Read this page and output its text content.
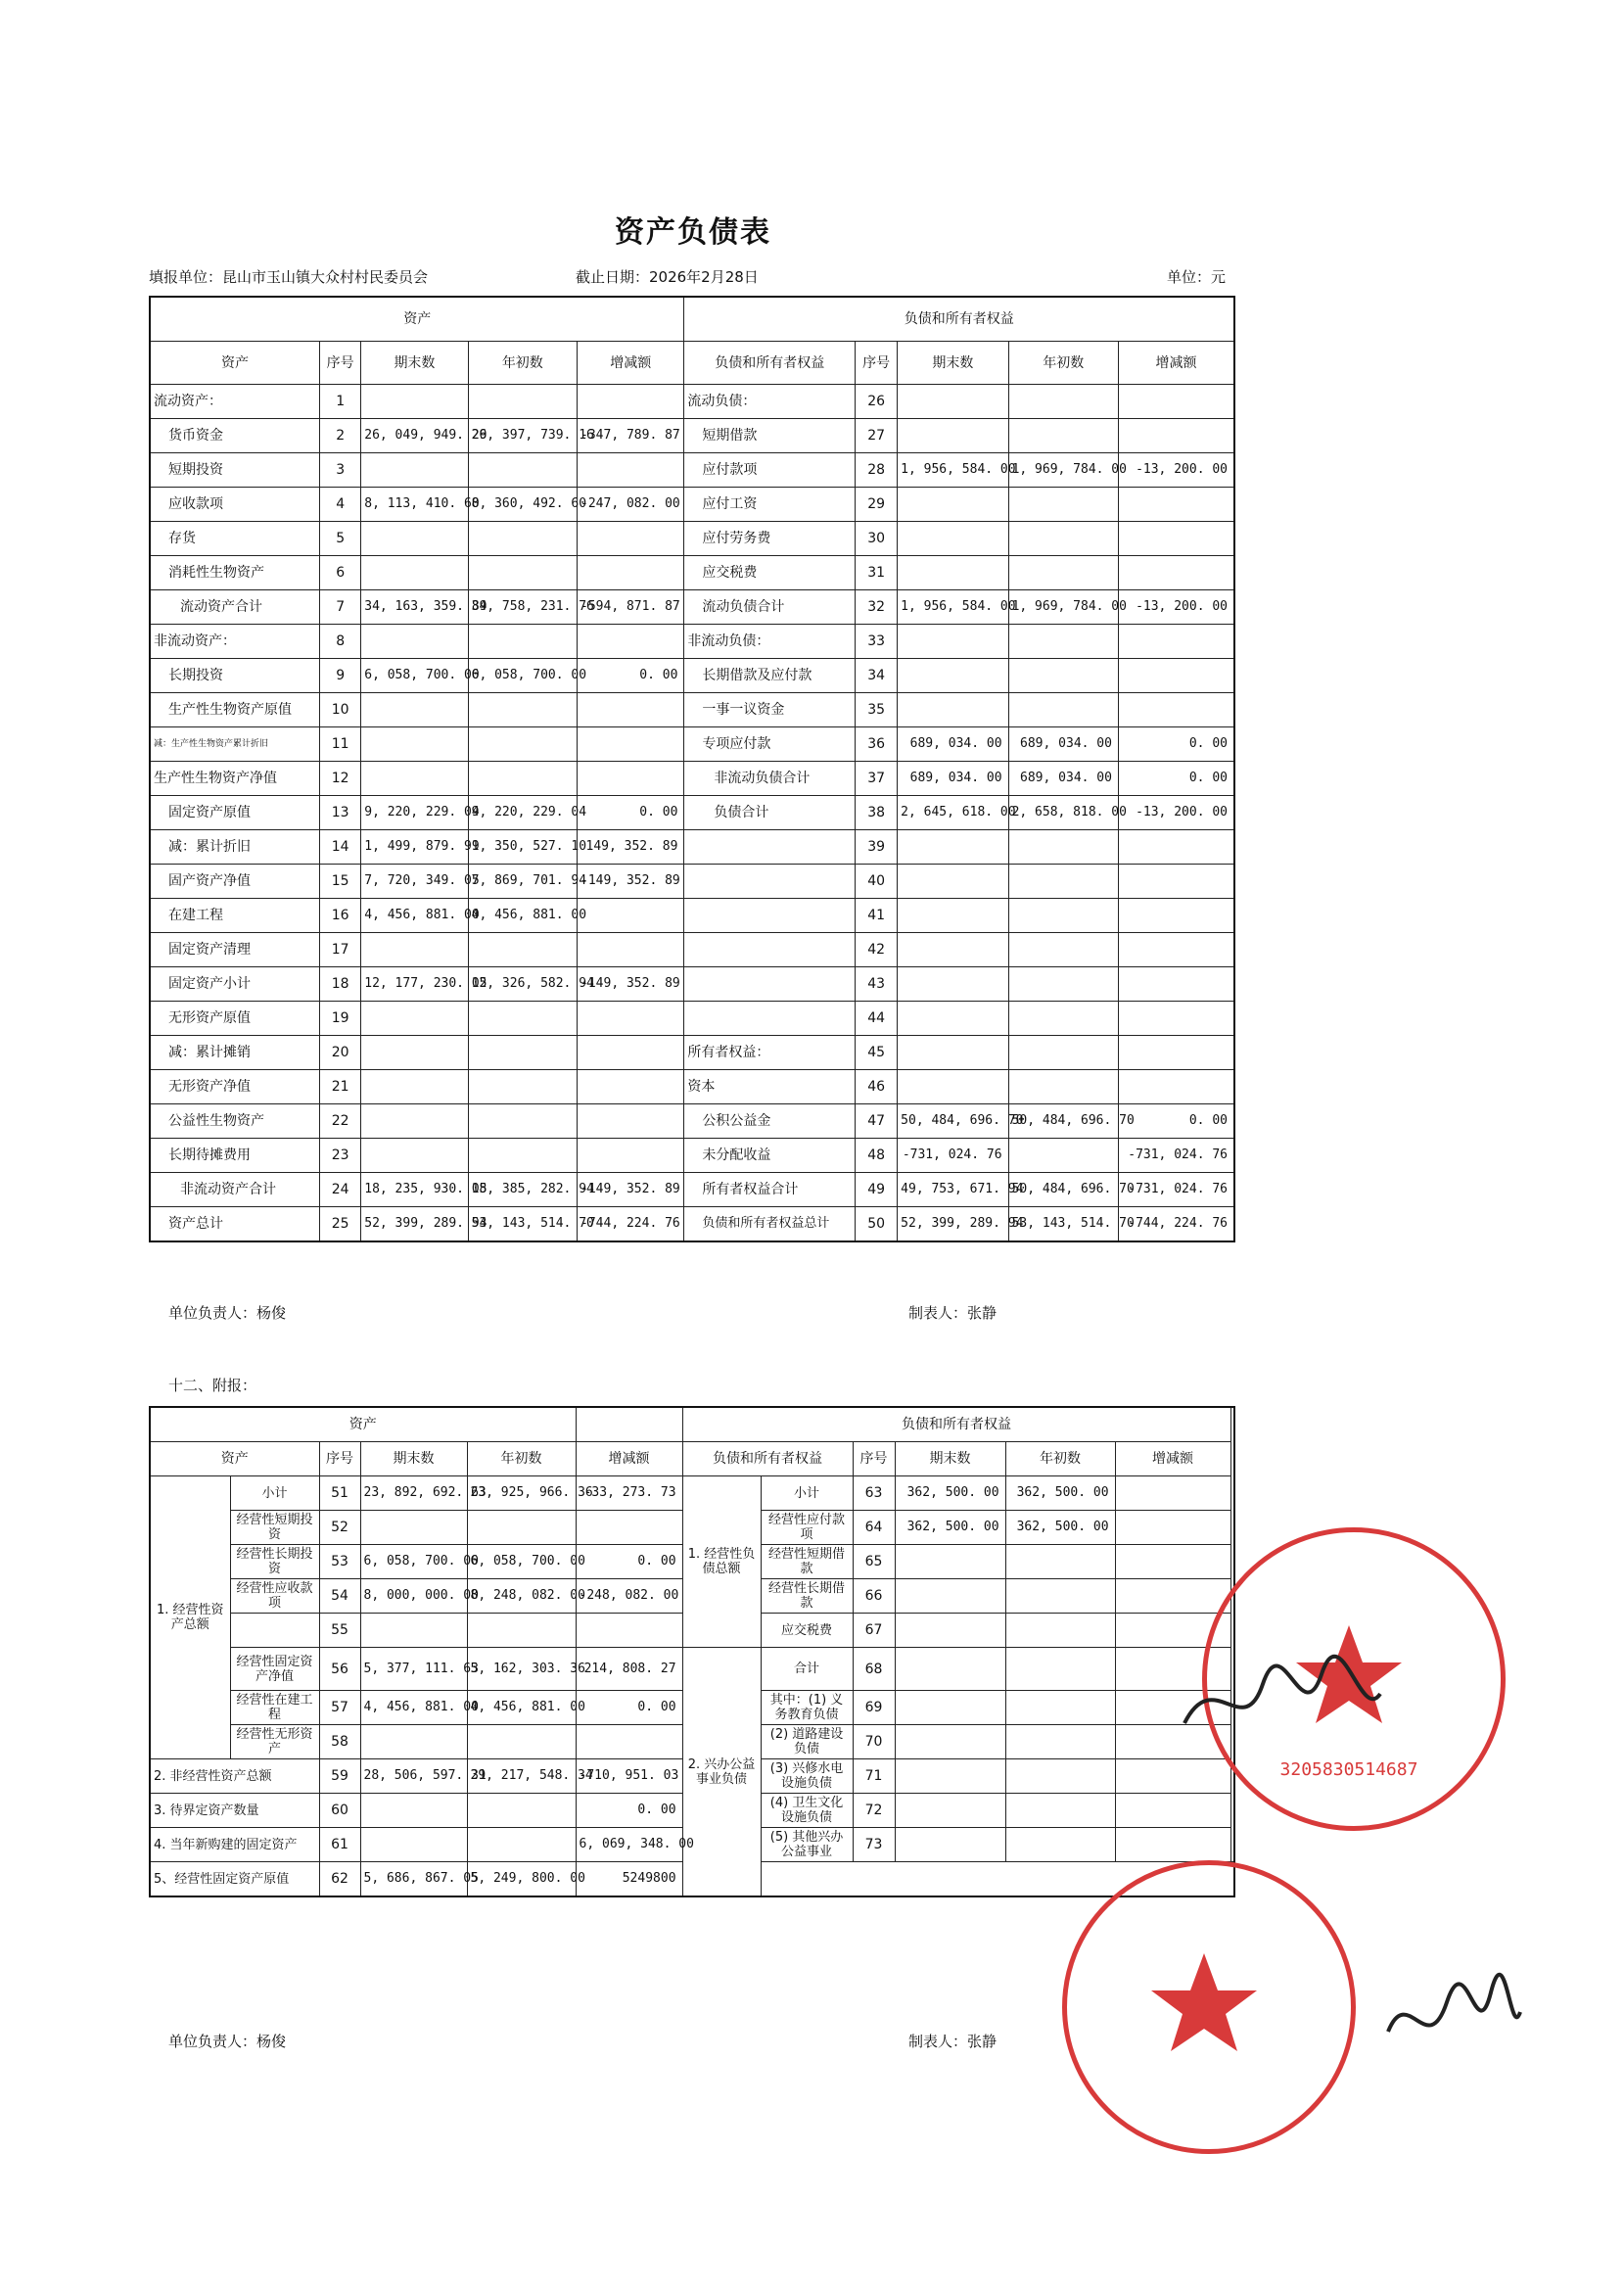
资产负债表
填报单位：昆山市玉山镇大众村村民委员会	截止日期：2026年2月28日	单位：元
资产					负债和所有者权益				
资产	序号	期末数	年初数	增减额	负债和所有者权益	序号	期末数	年初数	增减额
流动资产：	1				流动负债：	26			
货币资金	2	26, 049, 949. 29	26, 397, 739. 16	-347, 789. 87	短期借款	27			
短期投资	3				应付款项	28	1, 956, 584. 00	1, 969, 784. 00	-13, 200. 00
应收款项	4	8, 113, 410. 60	8, 360, 492. 60	-247, 082. 00	应付工资	29			
存货	5				应付劳务费	30			
消耗性生物资产	6				应交税费	31			
流动资产合计	7	34, 163, 359. 89	34, 758, 231. 76	-594, 871. 87	流动负债合计	32	1, 956, 584. 00	1, 969, 784. 00	-13, 200. 00
非流动资产：	8				非流动负债：	33			
长期投资	9	6, 058, 700. 00	6, 058, 700. 00	0. 00	长期借款及应付款	34			
生产性生物资产原值	10				一事一议资金	35			
减：生产性生物资产累计折旧	11				专项应付款	36	689, 034. 00	689, 034. 00	0. 00
生产性生物资产净值	12				非流动负债合计	37	689, 034. 00	689, 034. 00	0. 00
固定资产原值	13	9, 220, 229. 04	9, 220, 229. 04	0. 00	负债合计	38	2, 645, 618. 00	2, 658, 818. 00	-13, 200. 00
减：累计折旧	14	1, 499, 879. 99	1, 350, 527. 10	149, 352. 89		39			
固产资产净值	15	7, 720, 349. 05	7, 869, 701. 94	-149, 352. 89		40			
在建工程	16	4, 456, 881. 00	4, 456, 881. 00			41			
固定资产清理	17					42			
固定资产小计	18	12, 177, 230. 05	12, 326, 582. 94	-149, 352. 89		43			
无形资产原值	19					44			
减：累计摊销	20				所有者权益：	45			
无形资产净值	21				资本	46			
公益性生物资产	22				公积公益金	47	50, 484, 696. 70	50, 484, 696. 70	0. 00
长期待摊费用	23				未分配收益	48	-731, 024. 76		-731, 024. 76
非流动资产合计	24	18, 235, 930. 05	18, 385, 282. 94	-149, 352. 89	所有者权益合计	49	49, 753, 671. 94	50, 484, 696. 70	-731, 024. 76
资产总计	25	52, 399, 289. 94	53, 143, 514. 70	-744, 224. 76	负债和所有者权益总计	50	52, 399, 289. 94	53, 143, 514. 70	-744, 224. 76
单位负责人：杨俊	制表人：张静
十二、附报：
资产						负债和所有者权益					
资产		序号	期末数	年初数	增减额	负债和所有者权益		序号	期末数	年初数	增减额
1. 经营性资产总额	小计	51	23, 892, 692. 63	23, 925, 966. 36	-33, 273. 73	1. 经营性负债总额	小计	63	362, 500. 00	362, 500. 00	
	经营性短期投资	52					经营性应付款项	64	362, 500. 00	362, 500. 00	
	经营性长期投资	53	6, 058, 700. 00	6, 058, 700. 00	0. 00		经营性短期借款	65			
	经营性应收款项	54	8, 000, 000. 00	8, 248, 082. 00	-248, 082. 00		经营性长期借款	66			
		55					应交税费	67			
	经营性固定资产净值	56	5, 377, 111. 63	5, 162, 303. 36	214, 808. 27	2. 兴办公益事业负债	合计	68			
	经营性在建工程	57	4, 456, 881. 00	4, 456, 881. 00	0. 00		其中：(1) 义务教育负债	69			
	经营性无形资产	58					(2) 道路建设负债	70			
2. 非经营性资产总额		59	28, 506, 597. 31	29, 217, 548. 34	-710, 951. 03		(3) 兴修水电设施负债	71			
3. 待界定资产数量		60			0. 00		(4) 卫生文化设施负债	72			
4. 当年新购建的固定资产		61			6, 069, 348. 00		(5) 其他兴办公益事业	73			
5、经营性固定资产原值		62	5, 686, 867. 05	5, 249, 800. 00	5249800						
单位负责人：杨俊	制表人：张静
3205830514687
